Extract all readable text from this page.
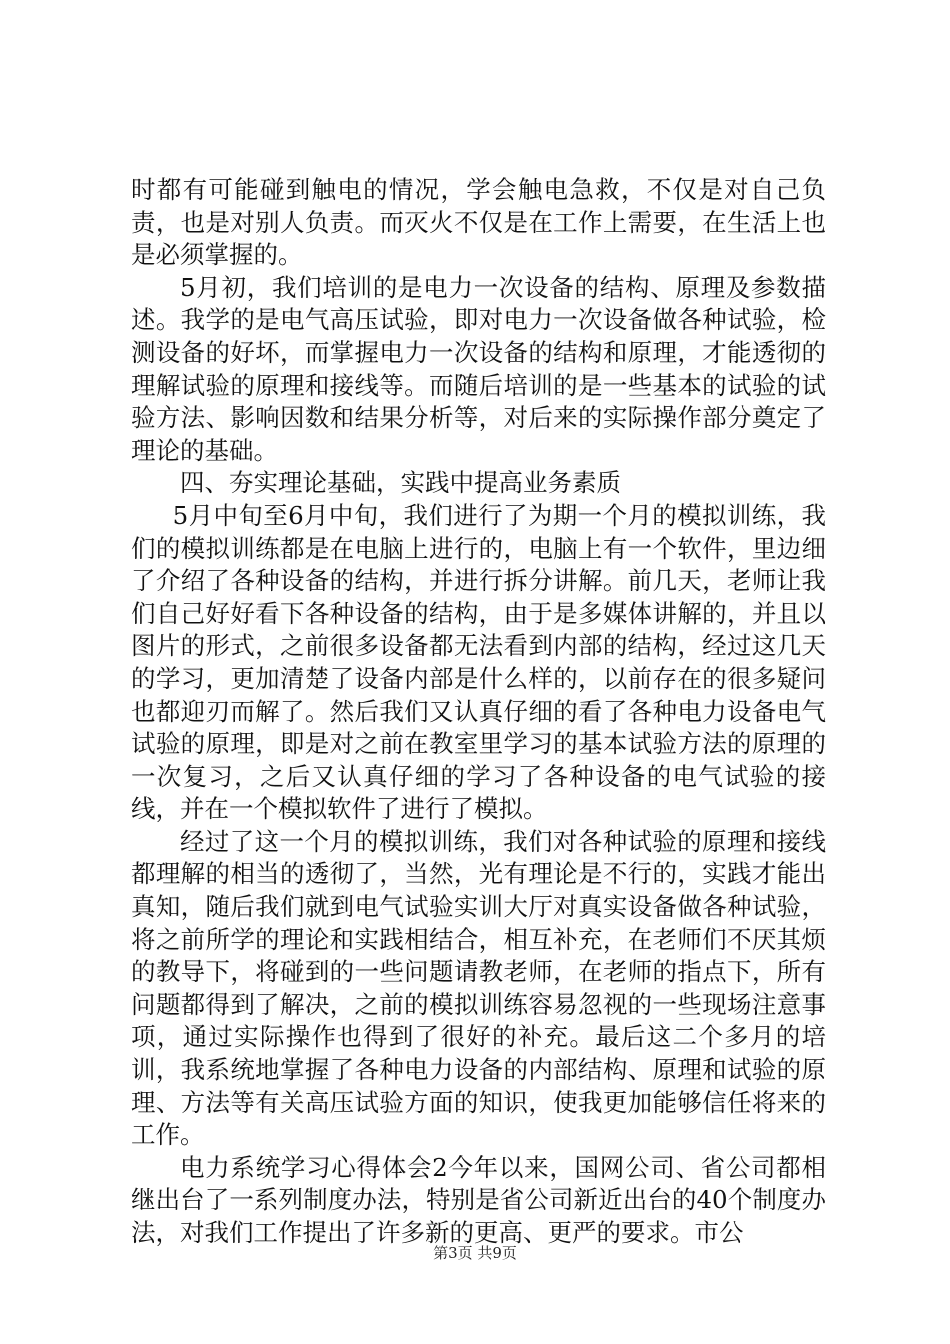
时都有可能碰到触电的情况，学会触电急救，不仅是对自己负责，也是对别人负责。而灭火不仅是在工作上需要，在生活上也是必须掌握的。

5月初，我们培训的是电力一次设备的结构、原理及参数描述。我学的是电气高压试验，即对电力一次设备做各种试验，检测设备的好坏，而掌握电力一次设备的结构和原理，才能透彻的理解试验的原理和接线等。而随后培训的是一些基本的试验的试验方法、影响因数和结果分析等，对后来的实际操作部分奠定了理论的基础。

四、夯实理论基础，实践中提高业务素质

5月中旬至6月中旬，我们进行了为期一个月的模拟训练，我们的模拟训练都是在电脑上进行的，电脑上有一个软件，里边细了介绍了各种设备的结构，并进行拆分讲解。前几天，老师让我们自己好好看下各种设备的结构，由于是多媒体讲解的，并且以图片的形式，之前很多设备都无法看到内部的结构，经过这几天的学习，更加清楚了设备内部是什么样的，以前存在的很多疑问也都迎刃而解了。然后我们又认真仔细的看了各种电力设备电气试验的原理，即是对之前在教室里学习的基本试验方法的原理的一次复习，之后又认真仔细的学习了各种设备的电气试验的接线，并在一个模拟软件了进行了模拟。

经过了这一个月的模拟训练，我们对各种试验的原理和接线都理解的相当的透彻了，当然，光有理论是不行的，实践才能出真知，随后我们就到电气试验实训大厅对真实设备做各种试验，将之前所学的理论和实践相结合，相互补充，在老师们不厌其烦的教导下，将碰到的一些问题请教老师，在老师的指点下，所有问题都得到了解决，之前的模拟训练容易忽视的一些现场注意事项，通过实际操作也得到了很好的补充。最后这二个多月的培训，我系统地掌握了各种电力设备的内部结构、原理和试验的原理、方法等有关高压试验方面的知识，使我更加能够信任将来的工作。

电力系统学习心得体会2今年以来，国网公司、省公司都相继出台了一系列制度办法，特别是省公司新近出台的40个制度办法，对我们工作提出了许多新的更高、更严的要求。市公

第3页 共9页
